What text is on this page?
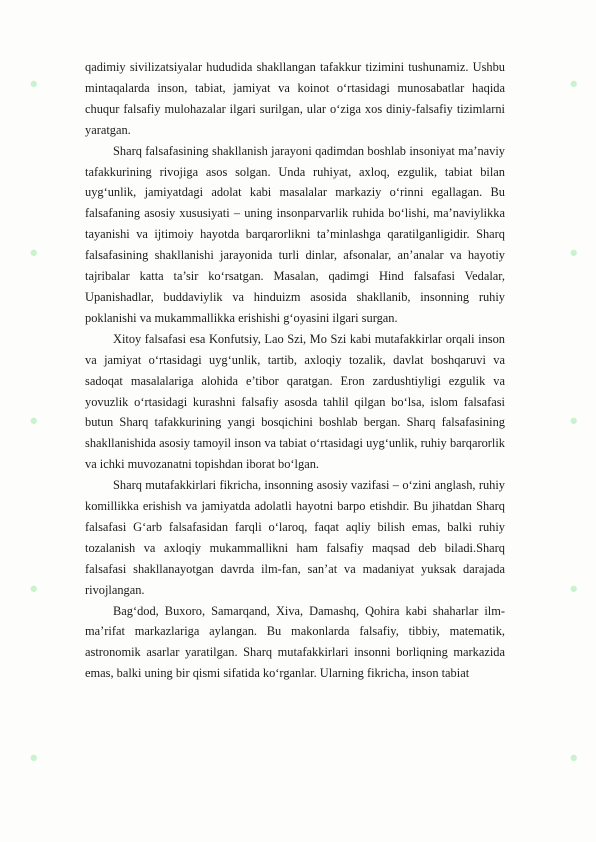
•
•
•
•
•
•
•
•
•
•

qadimiy sivilizatsiyalar hududida shakllangan tafakkur tizimini tushunamiz. Ushbu mintaqalarda inson, tabiat, jamiyat va koinot o‘rtasidagi munosabatlar haqida chuqur falsafiy mulohazalar ilgari surilgan, ular o‘ziga xos diniy-falsafiy tizimlarni yaratgan.

Sharq falsafasining shakllanish jarayoni qadimdan boshlab insoniyat ma’naviy tafakkurining rivojiga asos solgan. Unda ruhiyat, axloq, ezgulik, tabiat bilan uyg‘unlik, jamiyatdagi adolat kabi masalalar markaziy o‘rinni egallagan. Bu falsafaning asosiy xususiyati – uning insonparvarlik ruhida bo‘lishi, ma’naviylikka tayanishi va ijtimoiy hayotda barqarorlikni ta’minlashga qaratilganligidir. Sharq falsafasining shakllanishi jarayonida turli dinlar, afsonalar, an’analar va hayotiy tajribalar katta ta’sir ko‘rsatgan. Masalan, qadimgi Hind falsafasi Vedalar, Upanishadlar, buddaviylik va hinduizm asosida shakllanib, insonning ruhiy poklanishi va mukammallikka erishishi g‘oyasini ilgari surgan.

Xitoy falsafasi esa Konfutsiy, Lao Szi, Mo Szi kabi mutafakkirlar orqali inson va jamiyat o‘rtasidagi uyg‘unlik, tartib, axloqiy tozalik, davlat boshqaruvi va sadoqat masalalariga alohida e’tibor qaratgan. Eron zardushtiyligi ezgulik va yovuzlik o‘rtasidagi kurashni falsafiy asosda tahlil qilgan bo‘lsa, islom falsafasi butun Sharq tafakkurining yangi bosqichini boshlab bergan. Sharq falsafasining shakllanishida asosiy tamoyil inson va tabiat o‘rtasidagi uyg‘unlik, ruhiy barqarorlik va ichki muvozanatni topishdan iborat bo‘lgan.

Sharq mutafakkirlari fikricha, insonning asosiy vazifasi – o‘zini anglash, ruhiy komillikka erishish va jamiyatda adolatli hayotni barpo etishdir. Bu jihatdan Sharq falsafasi G‘arb falsafasidan farqli o‘laroq, faqat aqliy bilish emas, balki ruhiy tozalanish va axloqiy mukammallikni ham falsafiy maqsad deb biladi.Sharq falsafasi shakllanayotgan davrda ilm-fan, san’at va madaniyat yuksak darajada rivojlangan.

Bag‘dod, Buxoro, Samarqand, Xiva, Damashq, Qohira kabi shaharlar ilm-ma’rifat markazlariga aylangan. Bu makonlarda falsafiy, tibbiy, matematik, astronomik asarlar yaratilgan. Sharq mutafakkirlari insonni borliqning markazida emas, balki uning bir qismi sifatida ko‘rganlar. Ularning fikricha, inson tabiat
